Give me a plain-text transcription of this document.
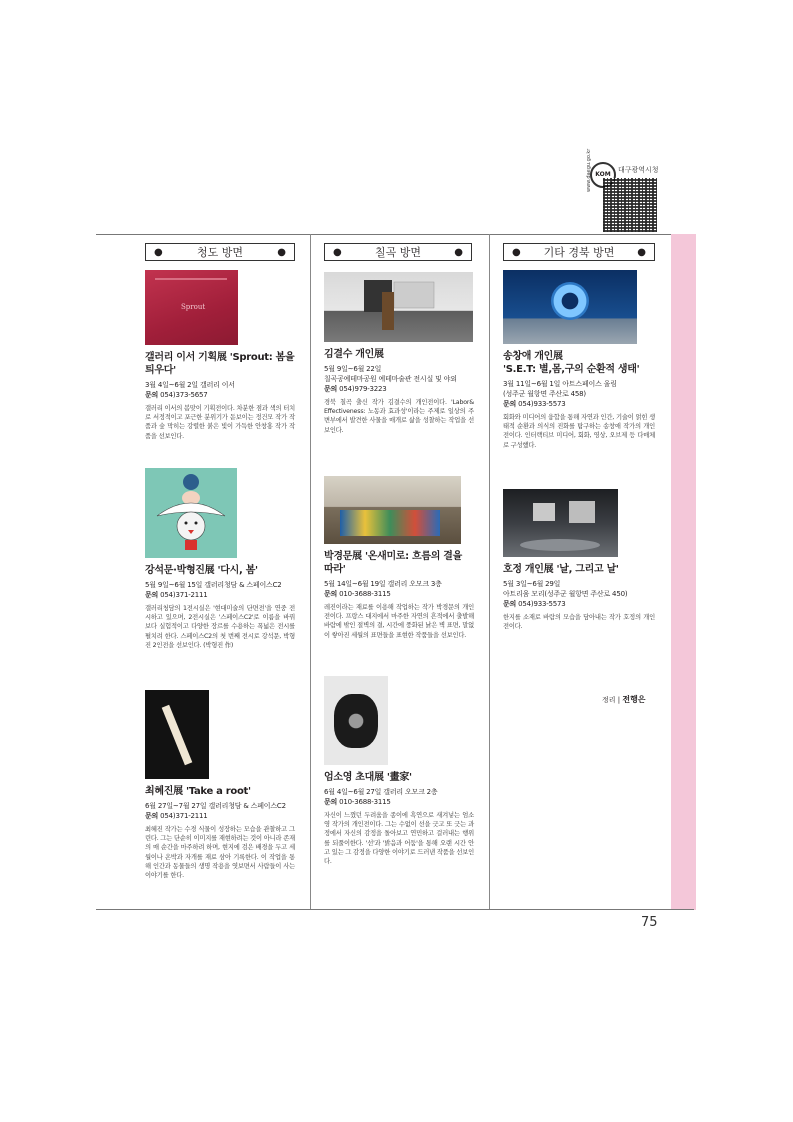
KOM
대구광역시청
www.daegu.go.kr
●	청도 방면	●	●	칠곡 방면	●	● 기타 경북 방면 ●
Sprout
갤러리 이서 기획展 'Sprout: 봄을 틔우다'

3월 4일~6월 2일 갤러리 이서

문의 054)373-5657

갤러리 이서의 봄맞이 기획전이다. 차분한 점과 색의 터치로 서정적이고 포근한 분위기가 돋보이는 정건모 작가 작품과 숲 막히는 강렬한 붉은 빛이 가득한 안창홍 작가 작품을 선보인다.
강석문·박형진展 '다시, 봄'

5월 9일~6월 15일 갤러리청담 & 스페이스C2

문의 054)371-2111

갤러리청담의 1전시실은 '현대미술의 단면전'을 연중 전시하고 있으며, 2전시실은 '스페이스C2'로 이름을 바꿔 보다 실험적이고 다양한 장르를 수용하는 폭넓은 전시를 펼치려 한다. 스페이스C2의 첫 번째 전시로 강석문, 박형진 2인전을 선보인다. (박형진 作)
최혜진展 'Take a root'

6월 27일~7월 27일 갤러리청담 & 스페이스C2

문의 054)371-2111

최혜진 작가는 수경 식물이 성장하는 모습을 관찰하고 그린다. 그는 단순히 이미지를 재현하려는 것이 아니라 존재의 매 순간을 마주하려 하며, 현지에 검은 배경을 두고 세월이나 온박과 자개를 재료 삼아 기록한다. 이 작업을 통해 인간과 동물들의 생명 작용을 엿보면서 사람들이 사는 이야기를 한다.
김결수 개인展

5월 9일~6월 22일

칠곡공예테마공원 예테마술관 전시실 및 야외

문의 054)979-3223

경북 칠곡 출신 작가 김결수의 개인전이다. 'Labor& Effectiveness: 노동과 효과성'이라는 주제로 일상의 주변부에서 발견한 사물을 매개로 삶을 성찰하는 작업을 선보인다.
박경문展 '온새미로: 흐름의 결을 따라'

5월 14일~6월 19일 갤러리 오모크 3층

문의 010-3688-3115

레진이라는 재료를 이용해 작업하는 작가 박경문의 개인전이다. 프랑스 대지에서 마주한 자연의 흔적에서 출발해 바람에 밖인 절벽의 결, 시간에 풍화된 낡은 벽 표면, 말없이 쌓아진 세월의 표면들을 표현한 작품들을 선보인다.
엄소영 초대展 '畫家'

6월 4일~6월 27일 갤러리 오모크 2층

문의 010-3688-3115

자신이 느꼈던 두려움을 종이에 흑연으로 새겨넣는 엄소영 작가의 개인전이다. 그는 수없이 선을 긋고 또 긋는 과정에서 자신의 감정을 돌아보고 연민하고 걸러내는 행위를 되풀이한다. '선'과 '밝음과 어둠'을 통해 오랜 시간 안고 있는 그 감정을 다양한 이야기로 드러낸 작품을 선보인다.
송창애 개인展
'S.E.T: 별,몸,구의 순환적 생태'

3월 11일~6월 1일 아트스페이스 울림

(성주군 월항면 주산로 458)

문의 054)933-5573

회화와 미디어의 융합을 통해 자연과 인간, 기술이 얽힌 생태적 순환과 의식의 진화를 탐구하는 송창애 작가의 개인전이다. 인터랙티브 미디어, 회화, 영상, 오브제 등 다매체로 구성했다.
호정 개인展 '날, 그리고 날'

5월 3일~6월 29일

아트리움 모리(성주군 월항면 주산로 450)

문의 054)933-5573

한지를 소재로 바람의 모습을 담아내는 작가 호정의 개인전이다.
정리 | 전행은
75
